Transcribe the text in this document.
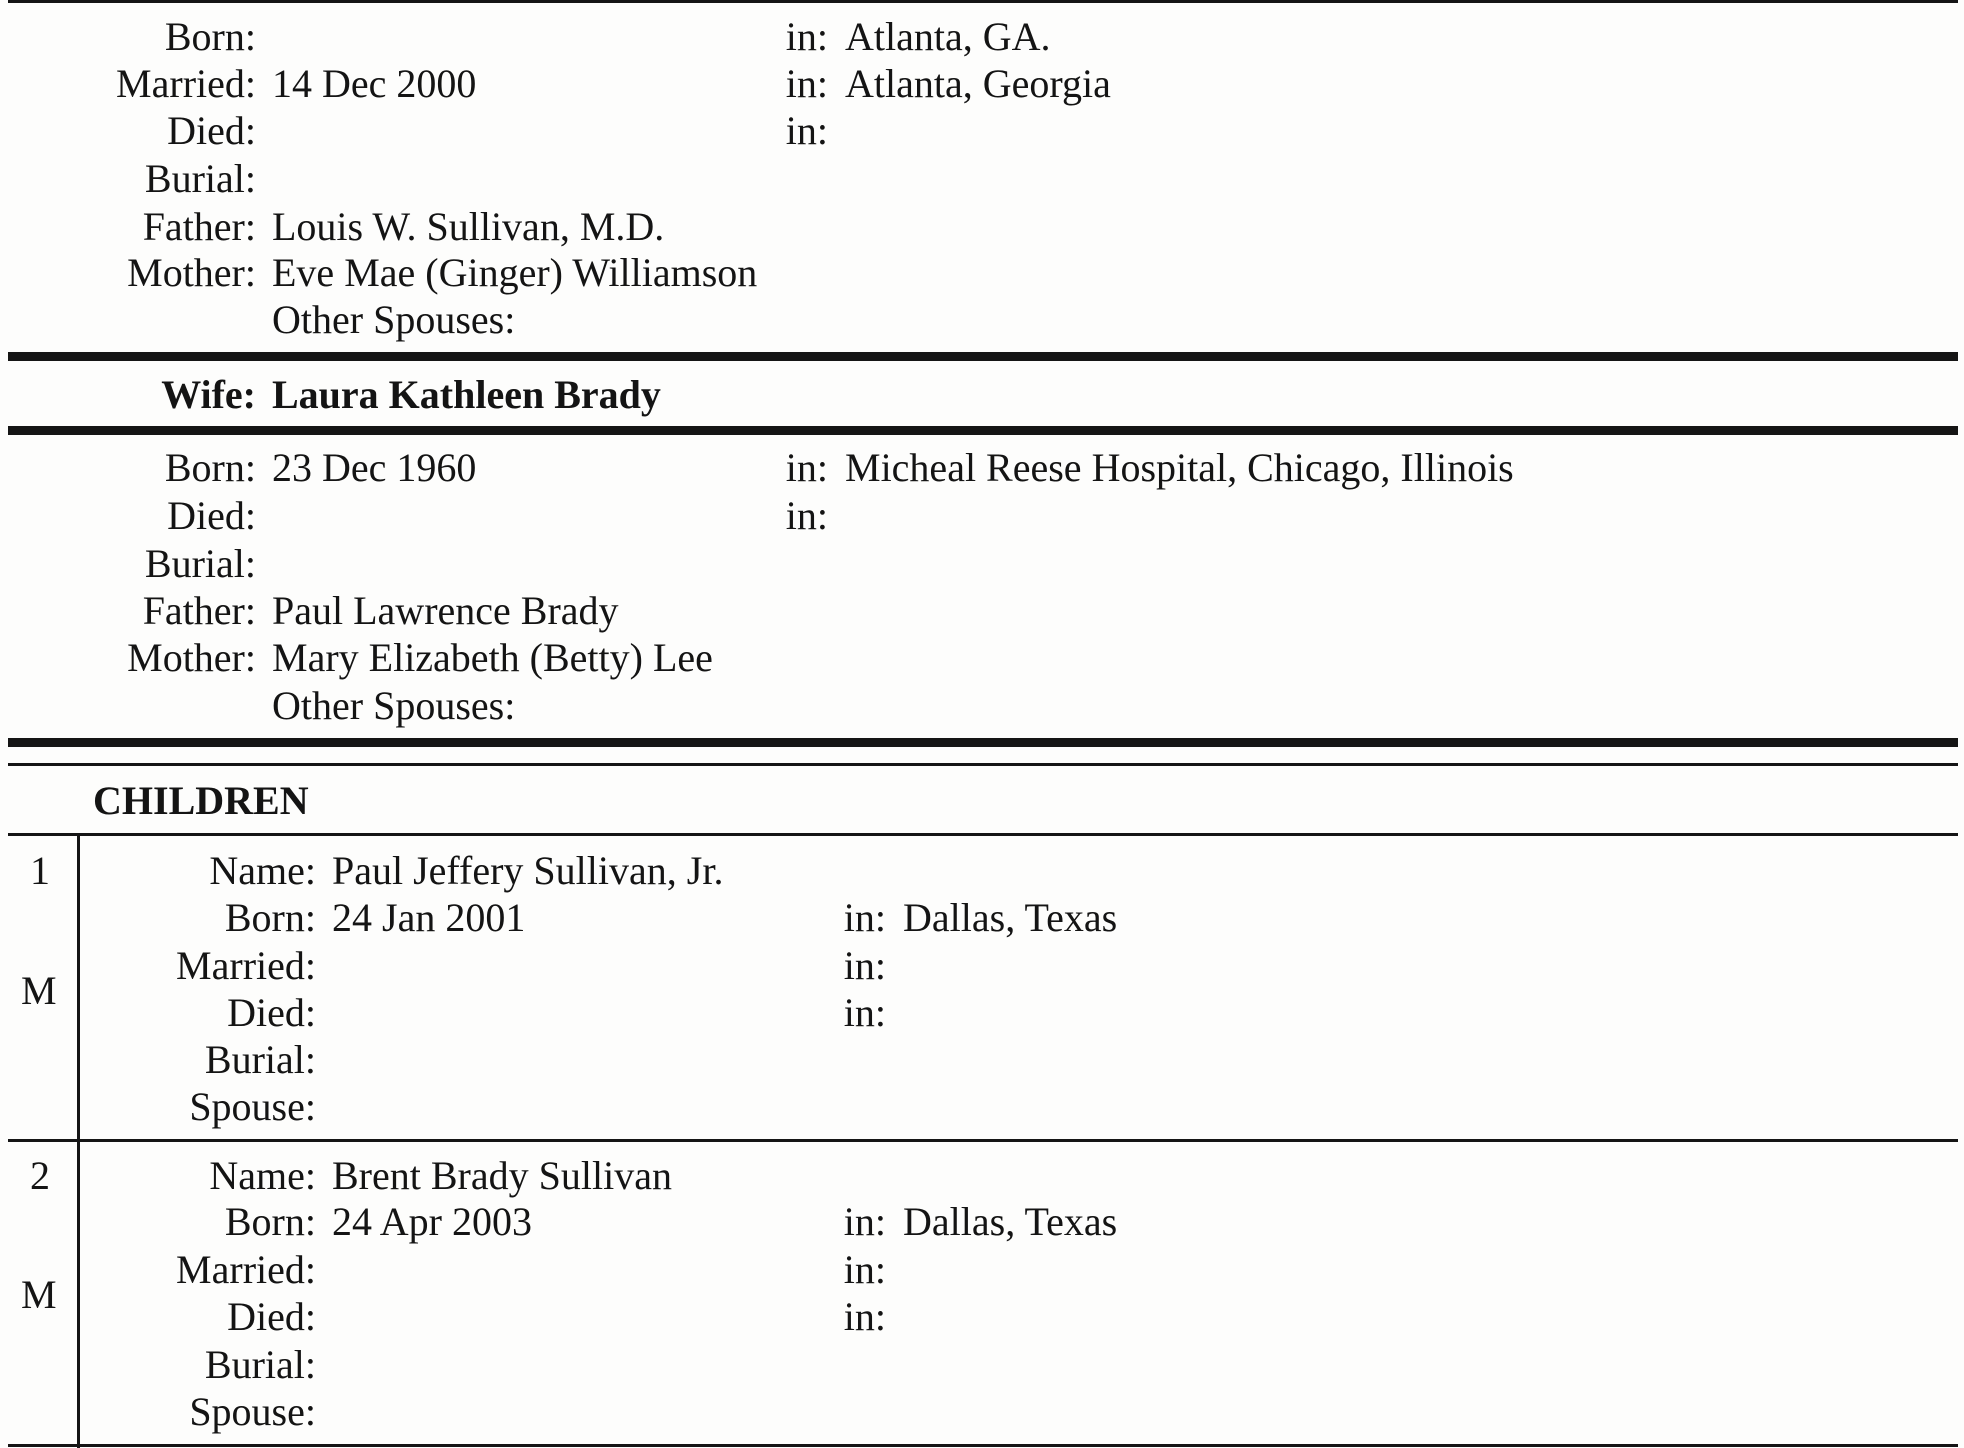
Born:	in: Atlanta, GA.
Married: 14 Dec 2000	in: Atlanta, Georgia
Died:	in:
Burial:
Father: Louis W. Sullivan, M.D.
Mother: Eve Mae (Ginger) Williamson
Other Spouses:
Wife: Laura Kathleen Brady
Born: 23 Dec 1960	in: Micheal Reese Hospital, Chicago, Illinois
Died:	in:
Burial:
Father: Paul Lawrence Brady
Mother: Mary Elizabeth (Betty) Lee
Other Spouses:
CHILDREN
1
M
Name: Paul Jeffery Sullivan, Jr.
Born: 24 Jan 2001	in: Dallas, Texas
Married:	in:
Died:	in:
Burial:
Spouse:
2
M
Name: Brent Brady Sullivan
Born: 24 Apr 2003	in: Dallas, Texas
Married:	in:
Died:	in:
Burial:
Spouse:
